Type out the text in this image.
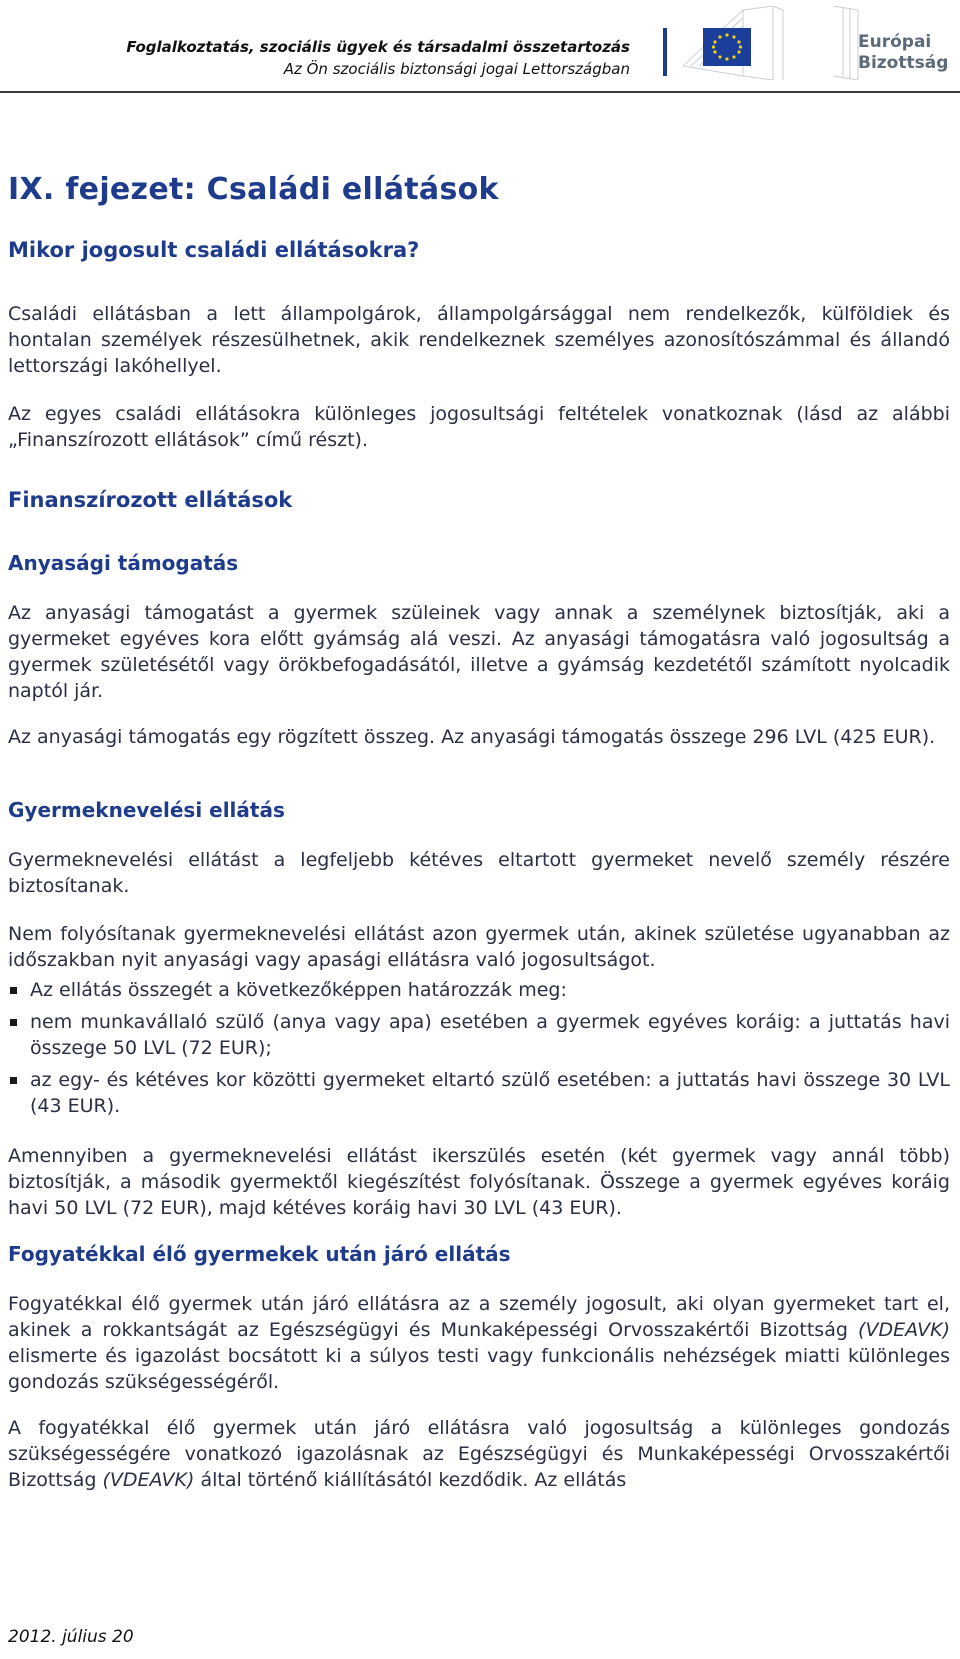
Foglalkoztatás, szociális ügyek és társadalmi összetartozás
Az Ön szociális biztonsági jogai Lettországban
Európai
Bizottság
IX. fejezet: Családi ellátások
Mikor jogosult családi ellátásokra?

Családi ellátásban a lett állampolgárok, állampolgársággal nem rendelkezők, külföldiek és hontalan személyek részesülhetnek, akik rendelkeznek személyes azonosítószámmal és állandó lettországi lakóhellyel.

Az egyes családi ellátásokra különleges jogosultsági feltételek vonatkoznak (lásd az alábbi „Finanszírozott ellátások” című részt).

Finanszírozott ellátások
Anyasági támogatás

Az anyasági támogatást a gyermek szüleinek vagy annak a személynek biztosítják, aki a gyermeket egyéves kora előtt gyámság alá veszi. Az anyasági támogatásra való jogosultság a gyermek születésétől vagy örökbefogadásától, illetve a gyámság kezdetétől számított nyolcadik naptól jár.

Az anyasági támogatás egy rögzített összeg. Az anyasági támogatás összege 296 LVL (425 EUR).

Gyermeknevelési ellátás

Gyermeknevelési ellátást a legfeljebb kétéves eltartott gyermeket nevelő személy részére biztosítanak.

Nem folyósítanak gyermeknevelési ellátást azon gyermek után, akinek születése ugyanabban az időszakban nyit anyasági vagy apasági ellátásra való jogosultságot.

Az ellátás összegét a következőképpen határozzák meg:
nem munkavállaló szülő (anya vagy apa) esetében a gyermek egyéves koráig: a juttatás havi összege 50 LVL (72 EUR);
az egy- és kétéves kor közötti gyermeket eltartó szülő esetében: a juttatás havi összege 30 LVL (43 EUR).

Amennyiben a gyermeknevelési ellátást ikerszülés esetén (két gyermek vagy annál több) biztosítják, a második gyermektől kiegészítést folyósítanak. Összege a gyermek egyéves koráig havi 50 LVL (72 EUR), majd kétéves koráig havi 30 LVL (43 EUR).

Fogyatékkal élő gyermekek után járó ellátás

Fogyatékkal élő gyermek után járó ellátásra az a személy jogosult, aki olyan gyermeket tart el, akinek a rokkantságát az Egészségügyi és Munkaképességi Orvosszakértői Bizottság (VDEAVK) elismerte és igazolást bocsátott ki a súlyos testi vagy funkcionális nehézségek miatti különleges gondozás szükségességéről.

A fogyatékkal élő gyermek után járó ellátásra való jogosultság a különleges gondozás szükségességére vonatkozó igazolásnak az Egészségügyi és Munkaképességi Orvosszakértői Bizottság (VDEAVK) által történő kiállításától kezdődik. Az ellátás

2012. július 20
